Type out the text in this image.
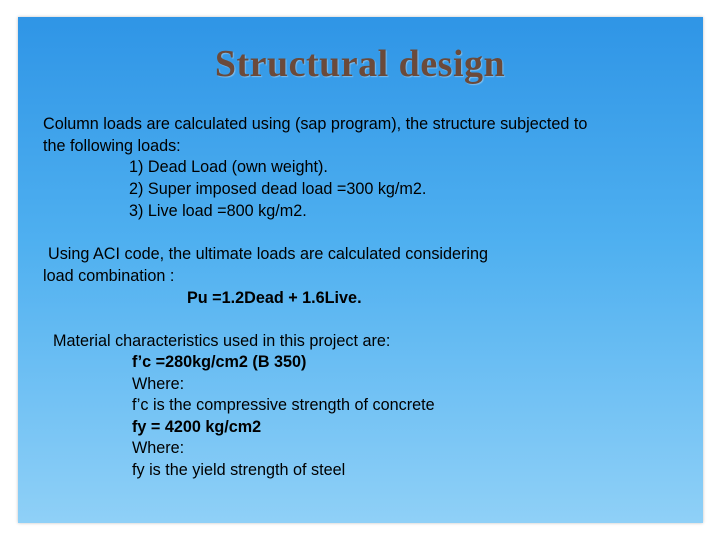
Structural design
Column loads are calculated using (sap program), the structure subjected to
the following loads:
1) Dead Load (own weight).
2) Super imposed dead load =300 kg/m2.
3) Live load =800 kg/m2.
Using ACI code, the ultimate loads are calculated considering
load combination :
Pu =1.2Dead + 1.6Live.
Material characteristics used in this project are:
f’c =280kg/cm2 (B 350)
Where:
f’c is the compressive strength of concrete
fy = 4200 kg/cm2
Where:
fy is the yield strength of steel
